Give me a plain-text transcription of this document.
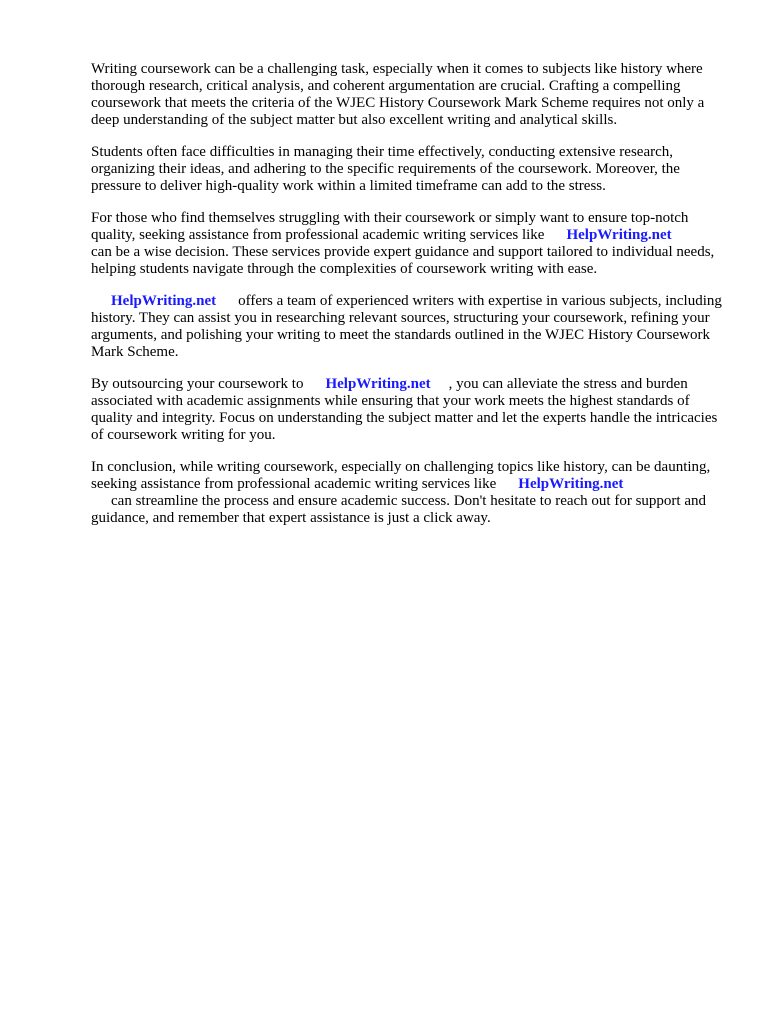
Writing coursework can be a challenging task, especially when it comes to subjects like history where thorough research, critical analysis, and coherent argumentation are crucial. Crafting a compelling coursework that meets the criteria of the WJEC History Coursework Mark Scheme requires not only a deep understanding of the subject matter but also excellent writing and analytical skills.

Students often face difficulties in managing their time effectively, conducting extensive research, organizing their ideas, and adhering to the specific requirements of the coursework. Moreover, the pressure to deliver high-quality work within a limited timeframe can add to the stress.

For those who find themselves struggling with their coursework or simply want to ensure top-notch quality, seeking assistance from professional academic writing services like HelpWriting.net
can be a wise decision. These services provide expert guidance and support tailored to individual needs, helping students navigate through the complexities of coursework writing with ease.

HelpWriting.net offers a team of experienced writers with expertise in various subjects, including history. They can assist you in researching relevant sources, structuring your coursework, refining your arguments, and polishing your writing to meet the standards outlined in the WJEC History Coursework Mark Scheme.

By outsourcing your coursework to HelpWriting.net , you can alleviate the stress and burden associated with academic assignments while ensuring that your work meets the highest standards of quality and integrity. Focus on understanding the subject matter and let the experts handle the intricacies of coursework writing for you.

In conclusion, while writing coursework, especially on challenging topics like history, can be daunting, seeking assistance from professional academic writing services like HelpWriting.net
can streamline the process and ensure academic success. Don't hesitate to reach out for support and guidance, and remember that expert assistance is just a click away.
